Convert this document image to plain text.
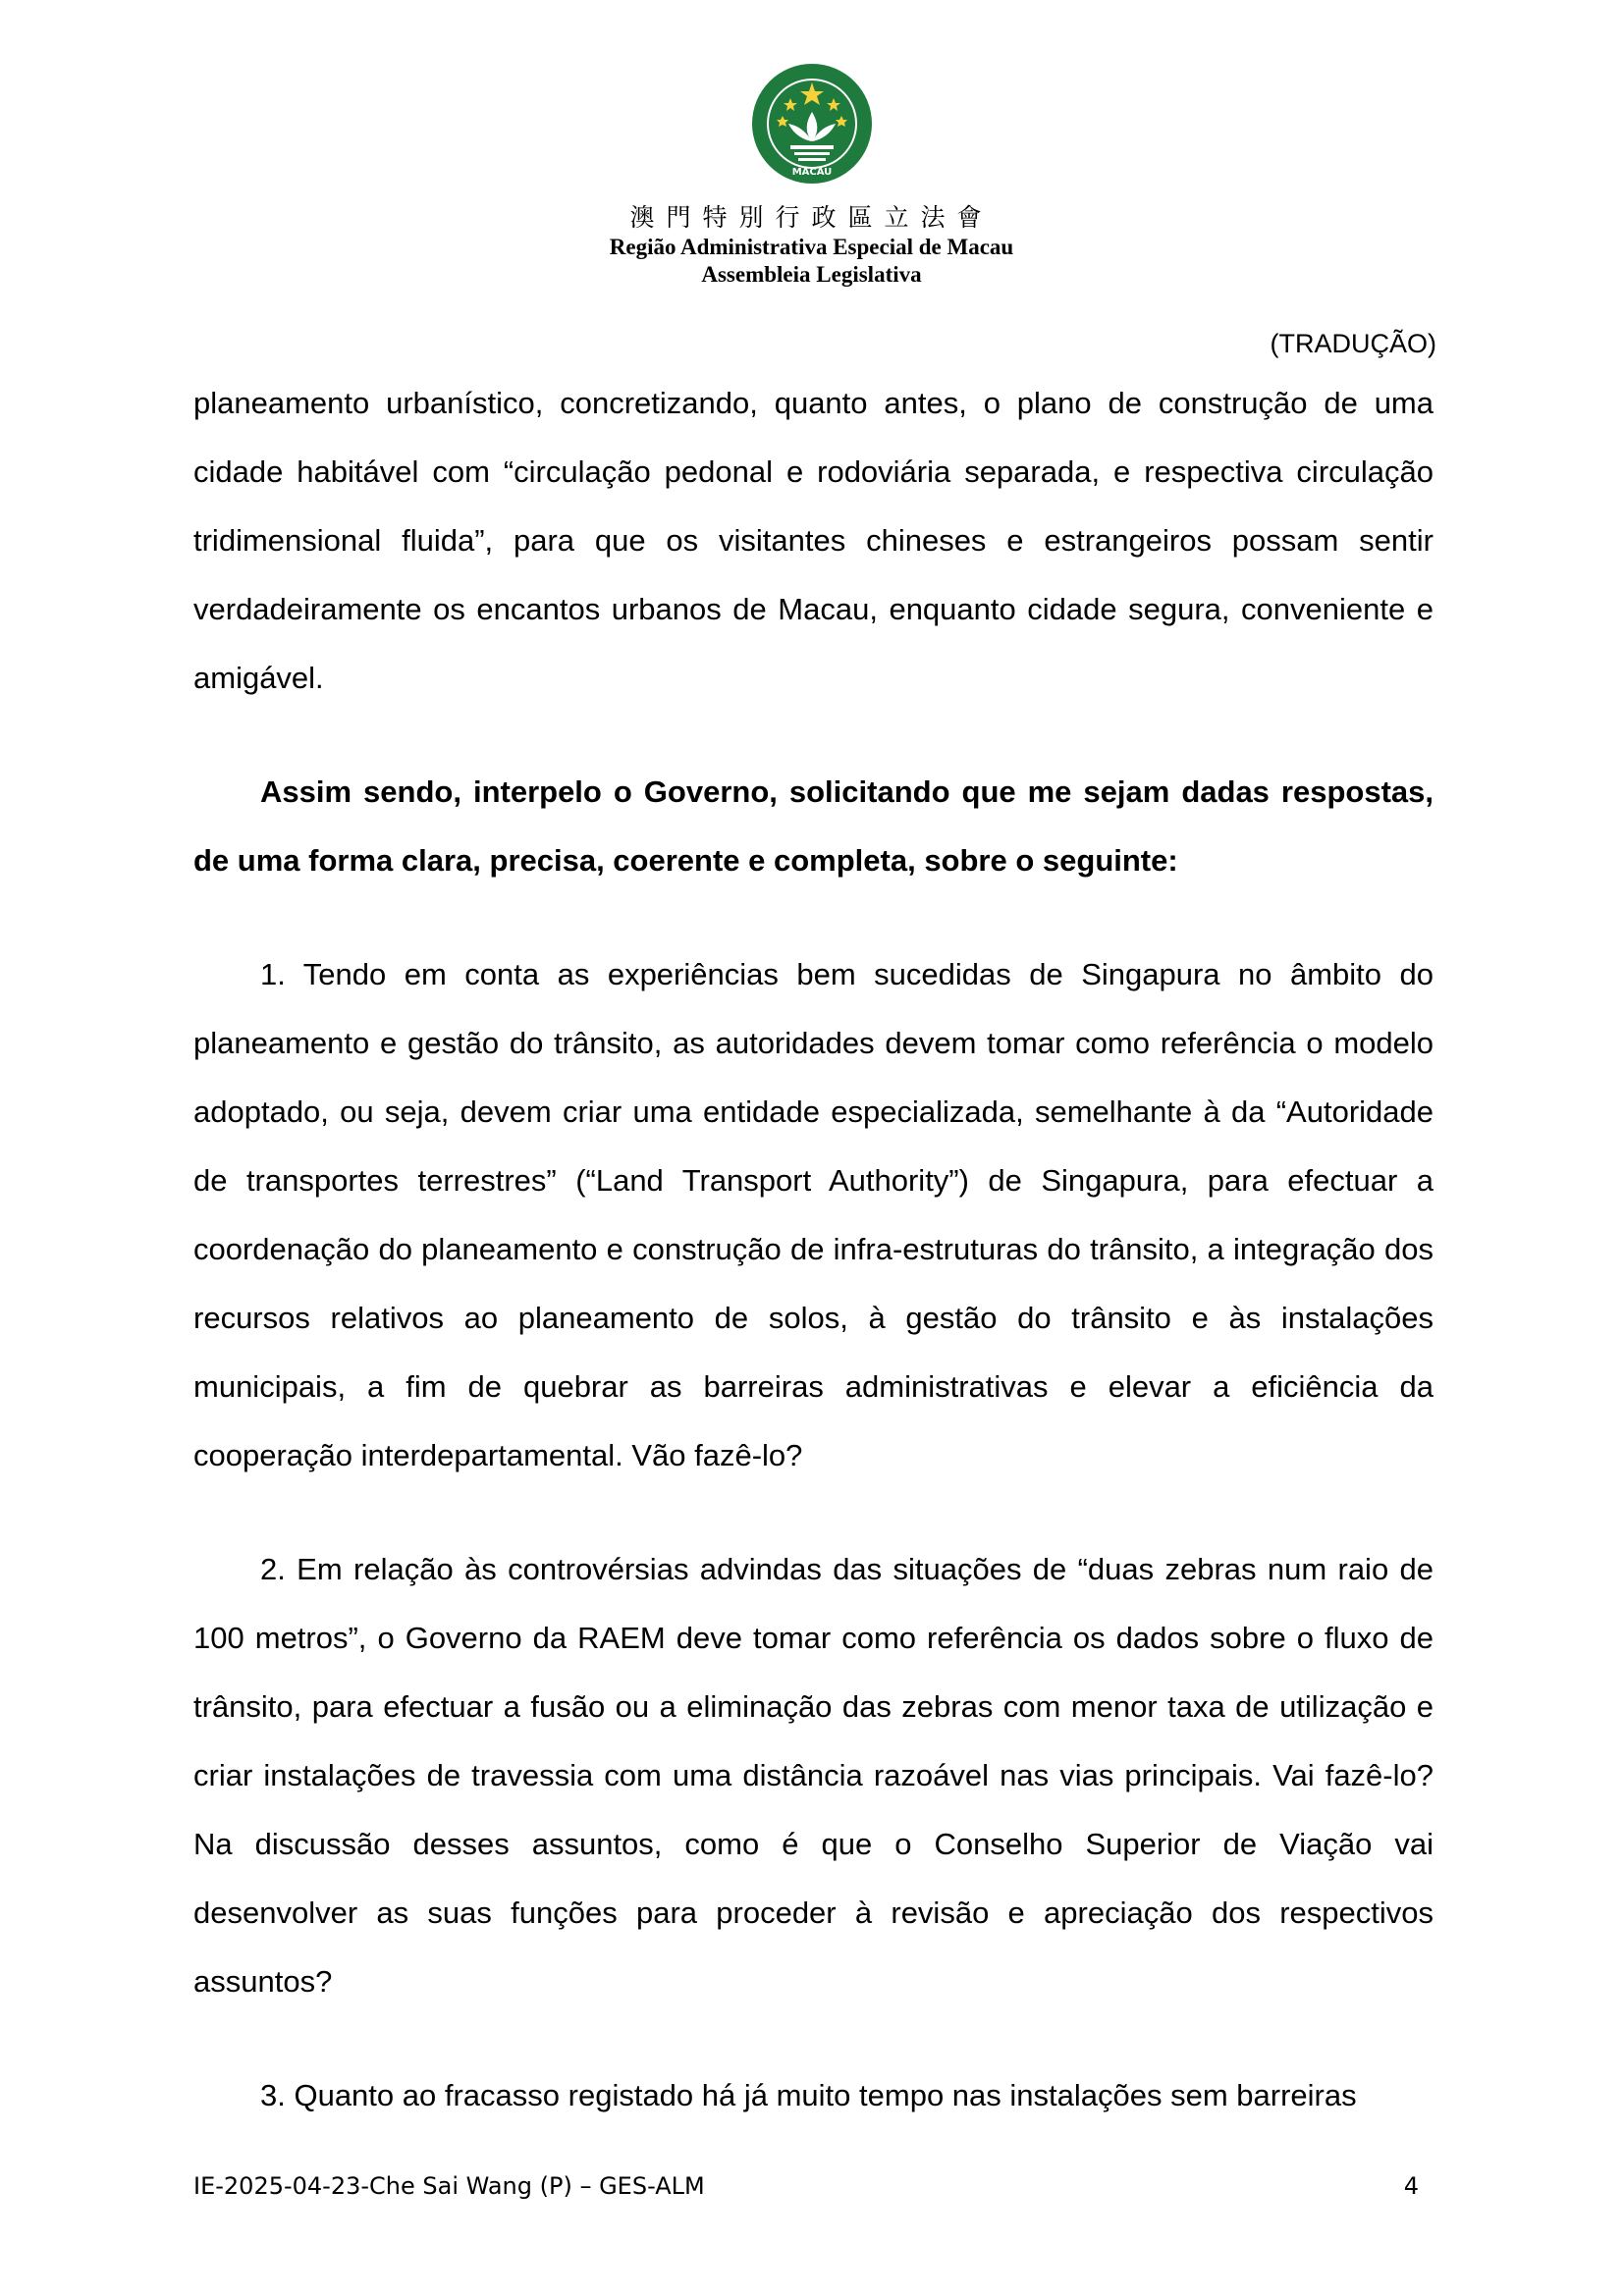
MACAU
澳門特別行政區立法會
Região Administrativa Especial de Macau
Assembleia Legislativa
(TRADUÇÃO)

planeamento urbanístico, concretizando, quanto antes, o plano de construção de uma cidade habitável com “circulação pedonal e rodoviária separada, e respectiva circulação tridimensional fluida”, para que os visitantes chineses e estrangeiros possam sentir verdadeiramente os encantos urbanos de Macau, enquanto cidade segura, conveniente e amigável.

Assim sendo, interpelo o Governo, solicitando que me sejam dadas respostas, de uma forma clara, precisa, coerente e completa, sobre o seguinte:

1. Tendo em conta as experiências bem sucedidas de Singapura no âmbito do planeamento e gestão do trânsito, as autoridades devem tomar como referência o modelo adoptado, ou seja, devem criar uma entidade especializada, semelhante à da “Autoridade de transportes terrestres” (“Land Transport Authority”) de Singapura, para efectuar a coordenação do planeamento e construção de infra-estruturas do trânsito, a integração dos recursos relativos ao planeamento de solos, à gestão do trânsito e às instalações municipais, a fim de quebrar as barreiras administrativas e elevar a eficiência da cooperação interdepartamental. Vão fazê-lo?

2. Em relação às controvérsias advindas das situações de “duas zebras num raio de 100 metros”, o Governo da RAEM deve tomar como referência os dados sobre o fluxo de trânsito, para efectuar a fusão ou a eliminação das zebras com menor taxa de utilização e criar instalações de travessia com uma distância razoável nas vias principais. Vai fazê-lo? Na discussão desses assuntos, como é que o Conselho Superior de Viação vai desenvolver as suas funções para proceder à revisão e apreciação dos respectivos assuntos?

3. Quanto ao fracasso registado há já muito tempo nas instalações sem barreiras

IE-2025-04-23-Che Sai Wang (P) – GES-ALM	4
